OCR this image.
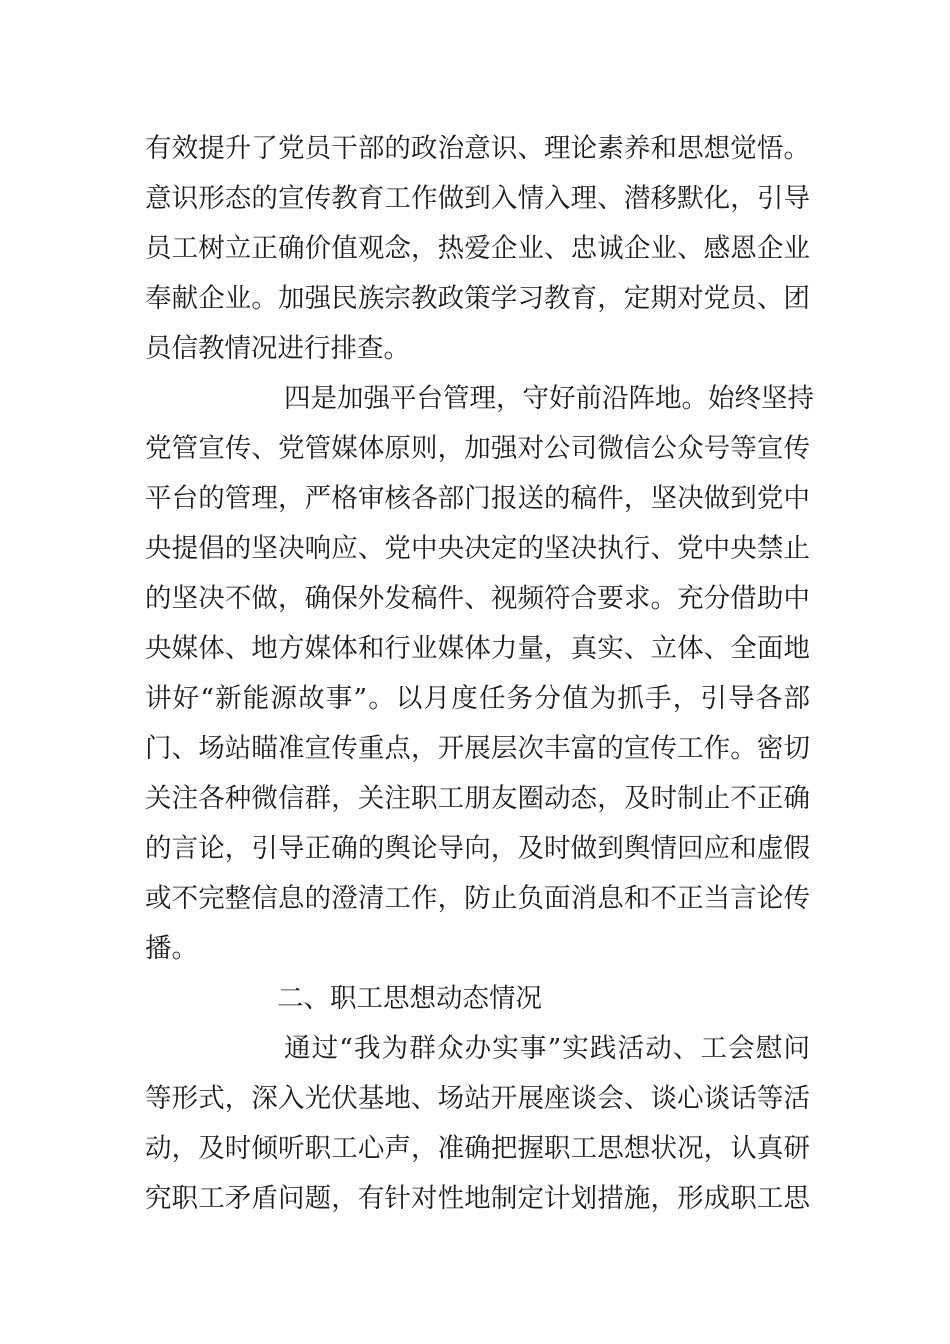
有效提升了党员干部的政治意识、理论素养和思想觉悟。
意识形态的宣传教育工作做到入情入理、潜移默化，引导
员工树立正确价值观念，热爱企业、忠诚企业、感恩企业
奉献企业。加强民族宗教政策学习教育，定期对党员、团
员信教情况进行排查。
四是加强平台管理，守好前沿阵地。始终坚持
党管宣传、党管媒体原则，加强对公司微信公众号等宣传
平台的管理，严格审核各部门报送的稿件，坚决做到党中
央提倡的坚决响应、党中央决定的坚决执行、党中央禁止
的坚决不做，确保外发稿件、视频符合要求。充分借助中
央媒体、地方媒体和行业媒体力量，真实、立体、全面地
讲好“新能源故事”。以月度任务分值为抓手，引导各部
门、场站瞄准宣传重点，开展层次丰富的宣传工作。密切
关注各种微信群，关注职工朋友圈动态，及时制止不正确
的言论，引导正确的舆论导向，及时做到舆情回应和虚假
或不完整信息的澄清工作，防止负面消息和不正当言论传
播。
二、职工思想动态情况
通过“我为群众办实事”实践活动、工会慰问
等形式，深入光伏基地、场站开展座谈会、谈心谈话等活
动，及时倾听职工心声，准确把握职工思想状况，认真研
究职工矛盾问题，有针对性地制定计划措施，形成职工思
